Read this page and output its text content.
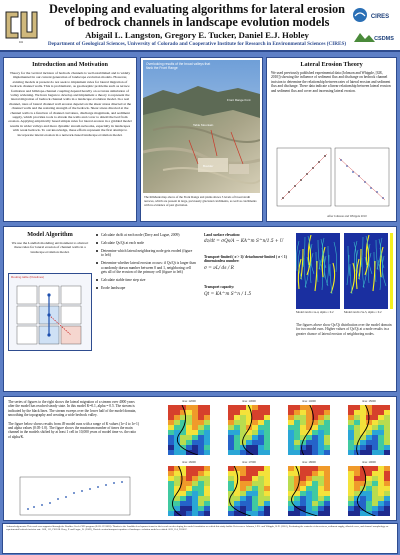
CU
Developing and evaluating algorithms for lateral erosion of bedrock channels in landscape evolution models
Abigail L. Langston, Gregory E. Tucker, Daniel E.J. Hobley
Department of Geological Sciences, University of Colorado and Cooperative Institute for Research in Environmental Sciences (CIRES)
CIRES
CSDMS
Introduction and Motivation
Theory for the vertical incision of bedrock channels is well established and is widely implemented in our current generation of landscape evolution models. However, existing models at present do not seek to implement rules for lateral migration of bedrock channel walls. This is problematic, as geomorphic problems such as terrace formation and hillslope-channel coupling depend heavily on accurate simulation of valley widening. We have begun to develop and implement a theory to represent the lateral migration of bedrock channel walls in a landscape evolution model. In a real channel, rates of lateral channel wall erosion depend on the shear stress directed at the channel walls and the resisting strength of the bedrock. Shear stress directed at the channel walls is a function of channel curvature, discharge magnitude, and sediment supply, which provides tools to abrade the walls and cover to shield the bed from erosion. Applying empirically based simple rules for lateral erosion in a gridded model results in wider valleys and more dynamic stream networks, especially in landscapes with weak bedrock. To our knowledge, these efforts represent the first attempt to incorporate lateral erosion in a network-based landscape evolution model.
Overlooking results of the broad valleys that flank the Front Range
Front Range front
Table Mountain
Boulder
The hillshade map above of the Front Range and plains shows 3 levels of broad strath terraces, which are present in large, previously glaciated catchments, as well as catchments with no evidence of past glaciation.
Lateral Erosion Theory
We used previously published experimental data (Johnson and Whipple, [GR, 2010]) showing the influence of sediment flux and discharge on bedrock channel incision to determine the relationship between rates of lateral erosion and sediment flux and discharge. These data indicate a linear relationship between lateral erosion and sediment flux and cover and increasing lateral erosion.
After Johnson and Whipple 2010
Model Algorithm
We use the Landlab modeling environment to abstract these rules for lateral erosion of channel walls in a landscape evolution model.
Routing table (Flowlines)
Calculate dz/dt at each node (Davy and Lague, 2009)
Calculate Qs/Qt at each node
Determine which lateral neighboring node gets eroded (figure to left)
Determine whether lateral erosion occurs: if Qs/Qt is larger than a randomly drawn number between 0 and 1, neighboring cell gets all of the erosion of the primary cell (figure to left)
Calculate stable time step size
Erode landscape
Land surface elevation:
dz/dt = σQs/A − KA^m S^n/1.5 + U
Transport-limited ( σ > 1)/ detachment-limited ( σ < 1) dimensionless number:
σ = νL/ ds / R
Transport capacity:
Qt = KA^m S^n / 1.5
Model run K=1e-4, alpha = 0.2	Model run K=5e-5, alpha = 0.2
The figures above show Qs/Qt distribution over the model domain for two model runs. Higher values of Qs/Qt at a node results in a greater chance of lateral erosion of neighboring nodes.
The series of figures to the right shows the lateral migration of a stream over 4000 years after the model has reached steady state. In this model K=0.1, alpha = 0.5. The stream is indicated by the black lines. The stream sweeps over the lower half of the model domain, smoothing the topography and creating a wide bedrock valley.
The figure below shows results from 49 model runs with a range of K values (1e-4 to 1e-1) and alpha values (0.05-1.0). The figure shows the maximum number of times the main channel in the models shifted by at least 1 cell in 10,000 years of model time vs. the ratio of alpha/K.
time: 12000	time: 13000	time: 14000	time: 15000
time: 16000	time: 17000	time: 18000	time: 19000
Acknowledgements: This work was supported through the Boulder Creek CZO program (EAR-1331828). Thanks to the Landlab development team for their work on developing the model foundation on which this study builds. References: Johnson, J.P.L. and Whipple, K.X. (2010), Evaluating the controls of shear stress, sediment supply, alluvial cover, and channel morphology on experimental bedrock incision rate. JGR, 115, F02018. Davy, P. and Lague, D. (2009), Fluvial erosion/transport equation of landscape evolution models revisited. JGR, 114, F03007.
